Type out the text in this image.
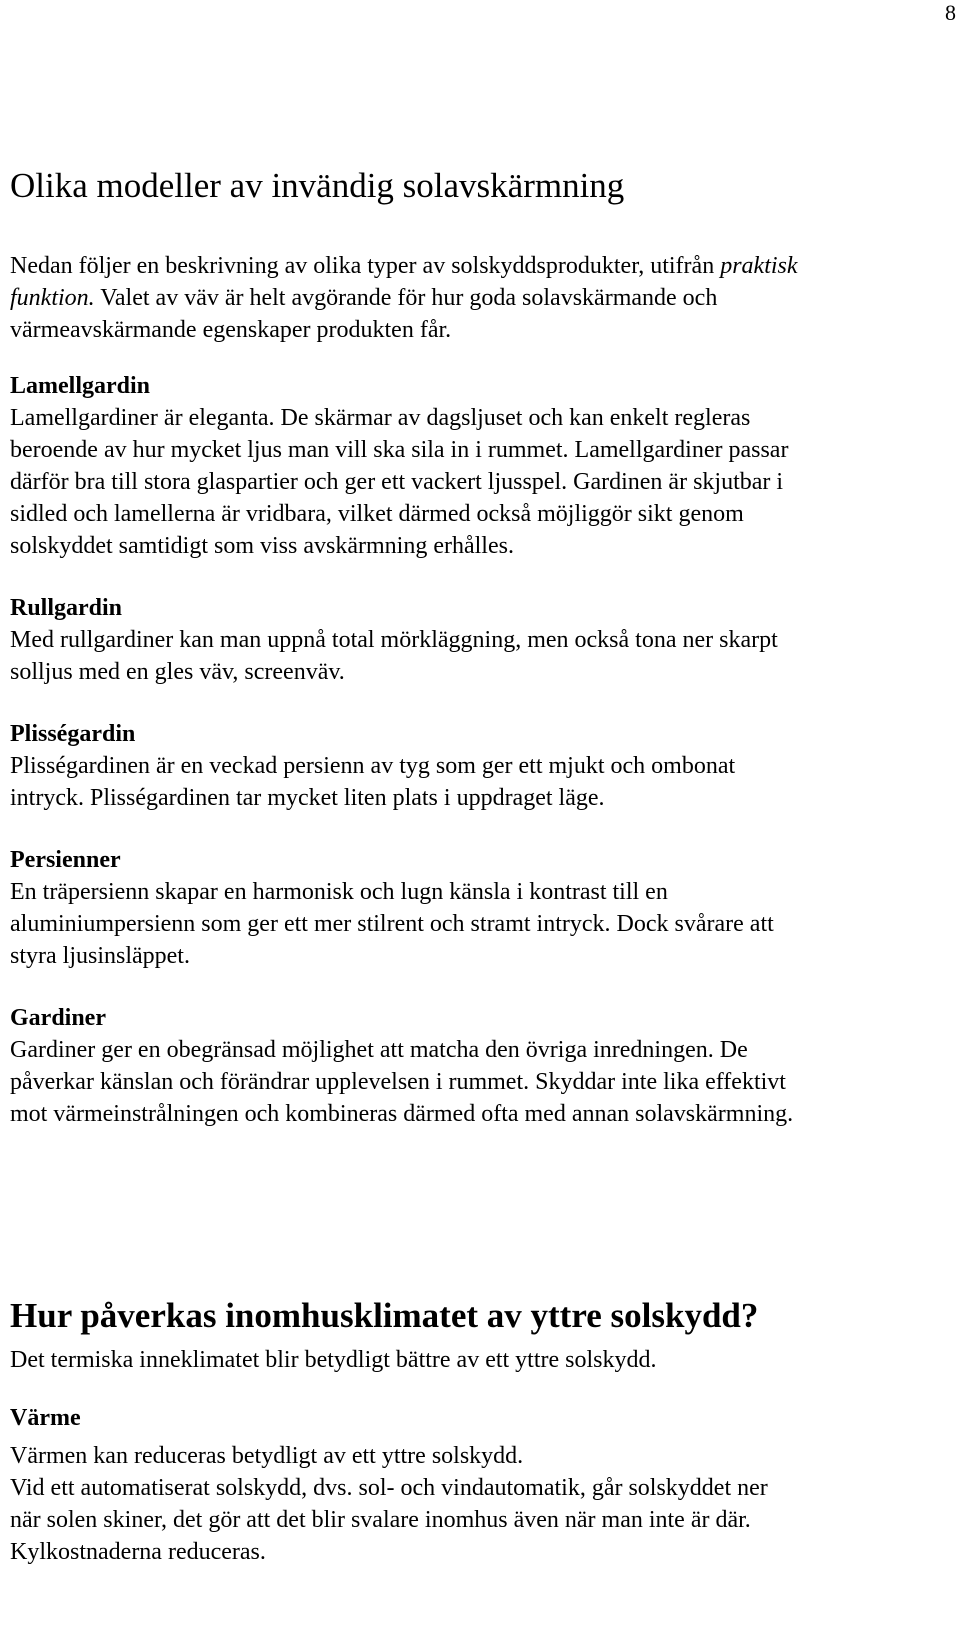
8
Olika modeller av invändig solavskärmning

Nedan följer en beskrivning av olika typer av solskyddsprodukter, utifrån praktisk
funktion. Valet av väv är helt avgörande för hur goda solavskärmande och
värmeavskärmande egenskaper produkten får.

Lamellgardin

Lamellgardiner är eleganta. De skärmar av dagsljuset och kan enkelt regleras
beroende av hur mycket ljus man vill ska sila in i rummet. Lamellgardiner passar
därför bra till stora glaspartier och ger ett vackert ljusspel. Gardinen är skjutbar i
sidled och lamellerna är vridbara, vilket därmed också möjliggör sikt genom
solskyddet samtidigt som viss avskärmning erhålles.

Rullgardin

Med rullgardiner kan man uppnå total mörkläggning, men också tona ner skarpt
solljus med en gles väv, screenväv.

Plisségardin

Plisségardinen är en veckad persienn av tyg som ger ett mjukt och ombonat
intryck. Plisségardinen tar mycket liten plats i uppdraget läge.

Persienner

En träpersienn skapar en harmonisk och lugn känsla i kontrast till en
aluminiumpersienn som ger ett mer stilrent och stramt intryck. Dock svårare att
styra ljusinsläppet.

Gardiner

Gardiner ger en obegränsad möjlighet att matcha den övriga inredningen. De
påverkar känslan och förändrar upplevelsen i rummet. Skyddar inte lika effektivt
mot värmeinstrålningen och kombineras därmed ofta med annan solavskärmning.

Hur påverkas inomhusklimatet av yttre solskydd?

Det termiska inneklimatet blir betydligt bättre av ett yttre solskydd.

Värme

Värmen kan reduceras betydligt av ett yttre solskydd.
Vid ett automatiserat solskydd, dvs. sol- och vindautomatik, går solskyddet ner
när solen skiner, det gör att det blir svalare inomhus även när man inte är där.
Kylkostnaderna reduceras.
